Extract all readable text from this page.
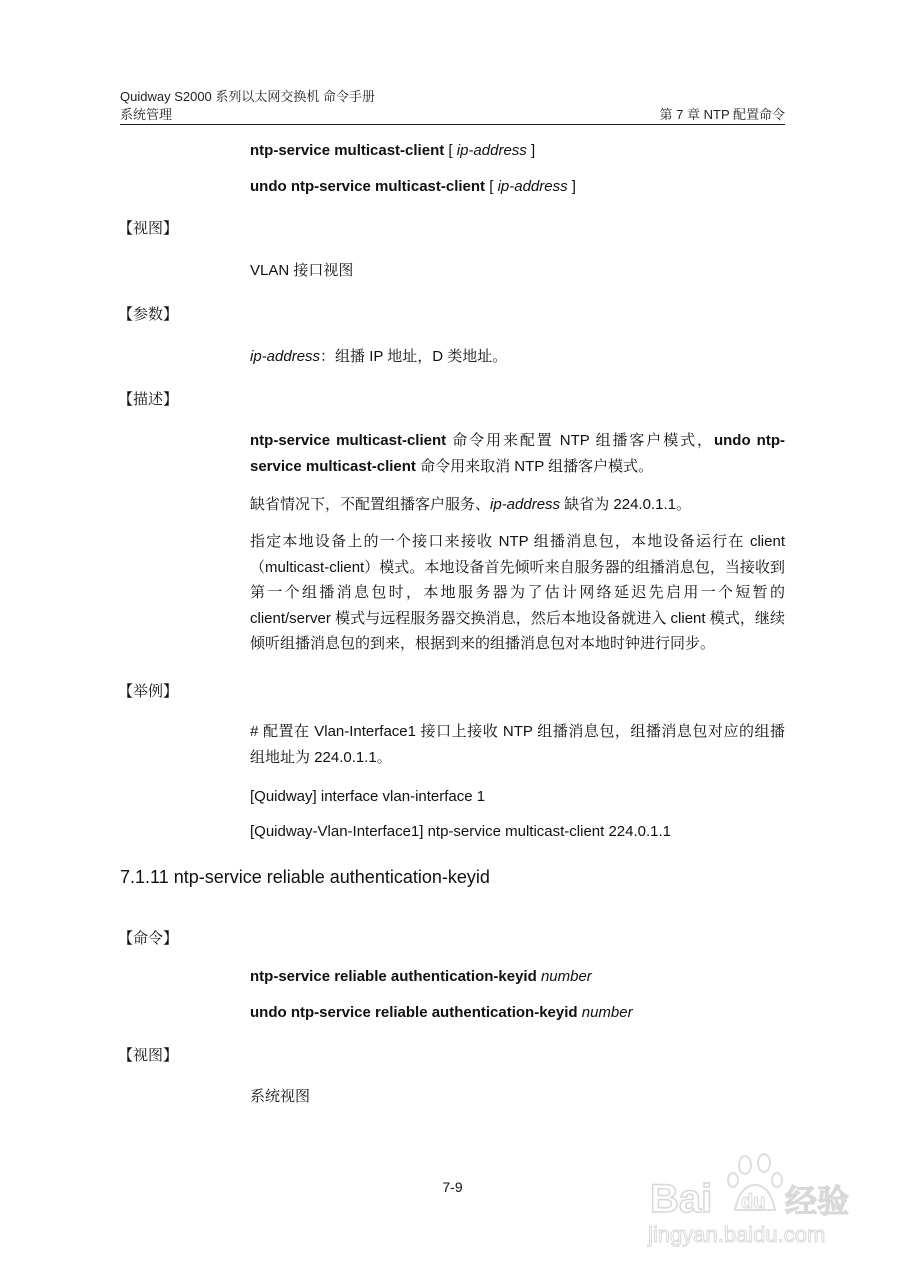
Quidway S2000 系列以太网交换机 命令手册
系统管理	第 7 章 NTP 配置命令
ntp-service multicast-client [ ip-address ]
undo ntp-service multicast-client [ ip-address ]
【视图】
VLAN 接口视图
【参数】
ip-address：组播 IP 地址，D 类地址。
【描述】
ntp-service multicast-client 命令用来配置 NTP 组播客户模式，undo ntp-service multicast-client 命令用来取消 NTP 组播客户模式。
缺省情况下，不配置组播客户服务、ip-address 缺省为 224.0.1.1。
指定本地设备上的一个接口来接收 NTP 组播消息包，本地设备运行在 client（multicast-client）模式。本地设备首先倾听来自服务器的组播消息包，当接收到第一个组播消息包时，本地服务器为了估计网络延迟先启用一个短暂的 client/server 模式与远程服务器交换消息，然后本地设备就进入 client 模式，继续倾听组播消息包的到来，根据到来的组播消息包对本地时钟进行同步。
【举例】
# 配置在 Vlan-Interface1 接口上接收 NTP 组播消息包，组播消息包对应的组播组地址为 224.0.1.1。
[Quidway] interface vlan-interface 1
[Quidway-Vlan-Interface1] ntp-service multicast-client 224.0.1.1
7.1.11 ntp-service reliable authentication-keyid
【命令】
ntp-service reliable authentication-keyid number
undo ntp-service reliable authentication-keyid number
【视图】
系统视图
7-9	Bai du 经验
jingyan.baidu.com
